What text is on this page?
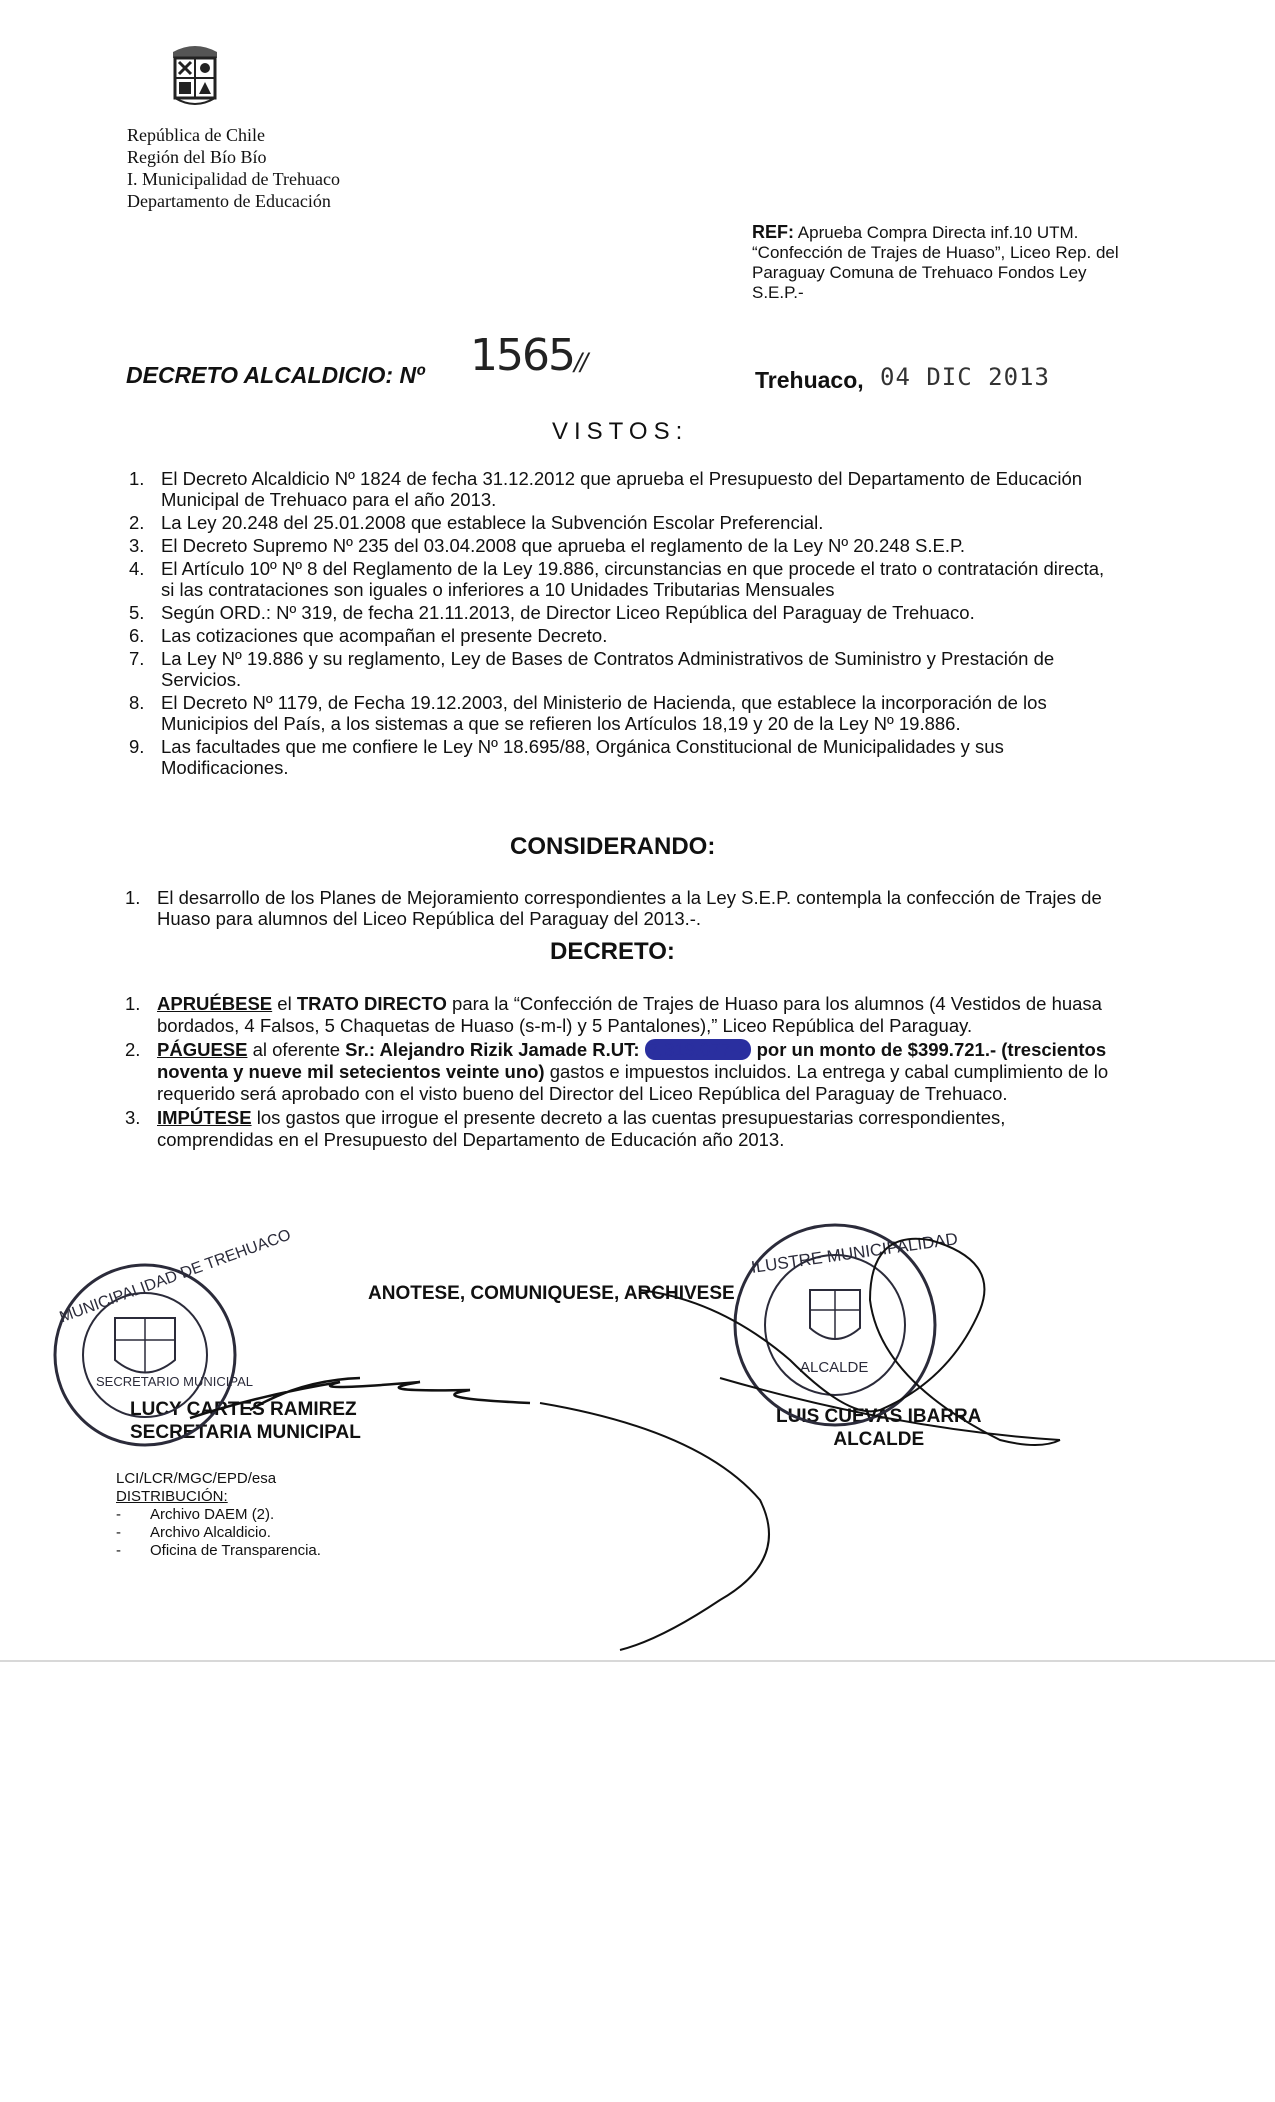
República de Chile
Región del Bío Bío
I. Municipalidad de Trehuaco
Departamento de Educación
REF: Aprueba Compra Directa inf.10 UTM. “Confección de Trajes de Huaso”, Liceo Rep. del Paraguay Comuna de Trehuaco Fondos Ley S.E.P.-
DECRETO ALCALDICIO: Nº 1565//
Trehuaco, 04 DIC 2013
VISTOS:
1. El Decreto Alcaldicio Nº 1824 de fecha 31.12.2012 que aprueba el Presupuesto del Departamento de Educación Municipal de Trehuaco para el año 2013.
2. La Ley 20.248 del 25.01.2008 que establece la Subvención Escolar Preferencial.
3. El Decreto Supremo Nº 235 del 03.04.2008 que aprueba el reglamento de la Ley Nº 20.248 S.E.P.
4. El Artículo 10º Nº 8 del Reglamento de la Ley 19.886, circunstancias en que procede el trato o contratación directa, si las contrataciones son iguales o inferiores a 10 Unidades Tributarias Mensuales
5. Según ORD.: Nº 319, de fecha 21.11.2013, de Director Liceo República del Paraguay de Trehuaco.
6. Las cotizaciones que acompañan el presente Decreto.
7. La Ley Nº 19.886 y su reglamento, Ley de Bases de Contratos Administrativos de Suministro y Prestación de Servicios.
8. El Decreto Nº 1179, de Fecha 19.12.2003, del Ministerio de Hacienda, que establece la incorporación de los Municipios del País, a los sistemas a que se refieren los Artículos 18,19 y 20 de la Ley Nº 19.886.
9. Las facultades que me confiere le Ley Nº 18.695/88, Orgánica Constitucional de Municipalidades y sus Modificaciones.
CONSIDERANDO:
1. El desarrollo de los Planes de Mejoramiento correspondientes a la Ley S.E.P. contempla la confección de Trajes de Huaso para alumnos del Liceo República del Paraguay del 2013.-.
DECRETO:
1. APRUÉBESE el TRATO DIRECTO para la “Confección de Trajes de Huaso para los alumnos (4 Vestidos de huasa bordados, 4 Falsos, 5 Chaquetas de Huaso (s-m-l) y 5 Pantalones),” Liceo República del Paraguay.
2. PÁGUESE al oferente Sr.: Alejandro Rizik Jamade R.UT: 7.319.077-2 por un monto de $399.721.- (trescientos noventa y nueve mil setecientos veinte uno) gastos e impuestos incluidos. La entrega y cabal cumplimiento de lo requerido será aprobado con el visto bueno del Director del Liceo República del Paraguay de Trehuaco.
3. IMPÚTESE los gastos que irrogue el presente decreto a las cuentas presupuestarias correspondientes, comprendidas en el Presupuesto del Departamento de Educación año 2013.
ANOTESE, COMUNIQUESE, ARCHIVESE
LUCY CARTES RAMIREZ
SECRETARIA MUNICIPAL
LUIS CUEVAS IBARRA
ALCALDE
LCI/LCR/MGC/EPD/esa
DISTRIBUCIÓN:
- Archivo DAEM (2).
- Archivo Alcaldicio.
- Oficina de Transparencia.
MUNICIPALIDAD DE TREHUACO
SECRETARIO MUNICIPAL
ILUSTRE MUNICIPALIDAD
ALCALDE
